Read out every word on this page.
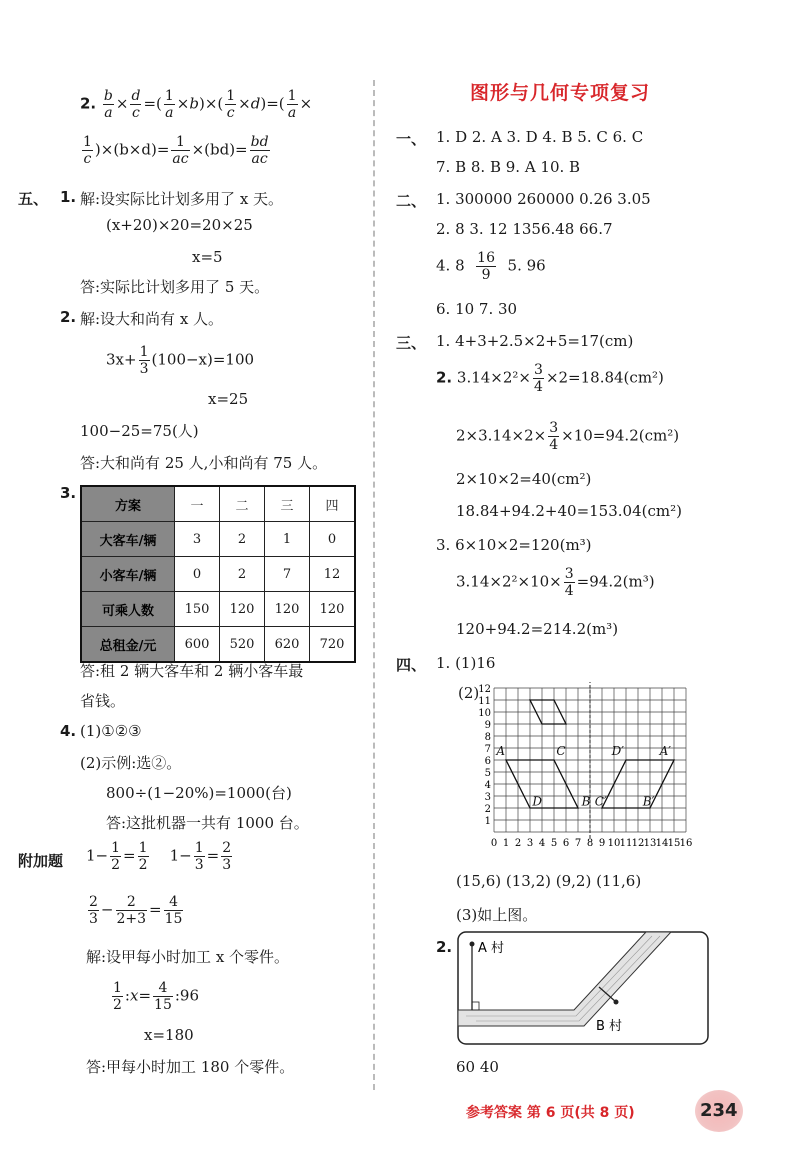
2. $\frac{b}{a} \times \frac{d}{c}$ =( $\frac{1}{a} \times b)\times( \frac{1}{c} \times d)=( \frac{1}{a}$ ×
$\frac{1}{c} )\times(b\times d)= \frac{1}{ac} \times(bd)= \frac{bd}{ac}$
五、 1. 解:设实际比计划多用了 x 天。
(x+20)×20=20×25
x=5
答:实际比计划多用了 5 天。
2. 解:设大和尚有 x 人。
$3x+ \frac{1}{3} (100-x)=100$
x=25
100−25=75(人)
答:大和尚有 25 人,小和尚有 75 人。
3.
方案	一	二	三	四
大客车/辆	3	2	1	0
小客车/辆	0	2	7	12
可乘人数	150	120	120	120
总租金/元	600	520	620	720
答:租 2 辆大客车和 2 辆小客车最
省钱。
4. (1)①②③
(2)示例:选②。
800÷(1−20%)=1000(台)
答:这批机器一共有 1000 台。
附加题 $1- \frac{1}{2} = \frac{1}{2} 1- \frac{1}{3} = \frac{2}{3}$
$\frac{2}{3} - \frac{2}{2+3} = \frac{4}{15}$
解:设甲每小时加工 x 个零件。
$\frac{1}{2}$ :x= $\frac{4}{15}$ :96
x=180
答:甲每小时加工 180 个零件。
图形与几何专项复习
一、 1. D 2. A 3. D 4. B 5. C 6. C
7. B 8. B 9. A 10. B
二、 1. 300000 260000 0.26 3.05
2. 8 3. 12 1356.48 66.7
4. $8 \frac{16}{9} 5$. 96
6. 10 7. 30
三、 1. 4+3+2.5×2+5=17(cm)
2. $3.14\times 2^2\times \frac{3}{4} \times 2=18.84(cm^2)$
$2\times 3.14\times 2\times \frac{3}{4} \times 10=94.2(cm^2)$
2×10×2=40(cm²)
18.84+94.2+40=153.04(cm²)
3. 6×10×2=120(m³)
$3.14\times 2^2\times 10\times \frac{3}{4} =94.2(m^3)$
120+94.2=214.2(m³)
四、 1. (1)16
(2)
0 1 2 3 4 5 6 7 8 9 10 11 12 13 14 15 16
1
2
3
4
5
6
7
8
9
10
11
12
A
D	B
C
C′	B′
D′	A′
(15,6) (13,2) (9,2) (11,6)
(3)如上图。
2. A 村
B 村
60 40
参考答案 第 6 页(共 8 页)	234
